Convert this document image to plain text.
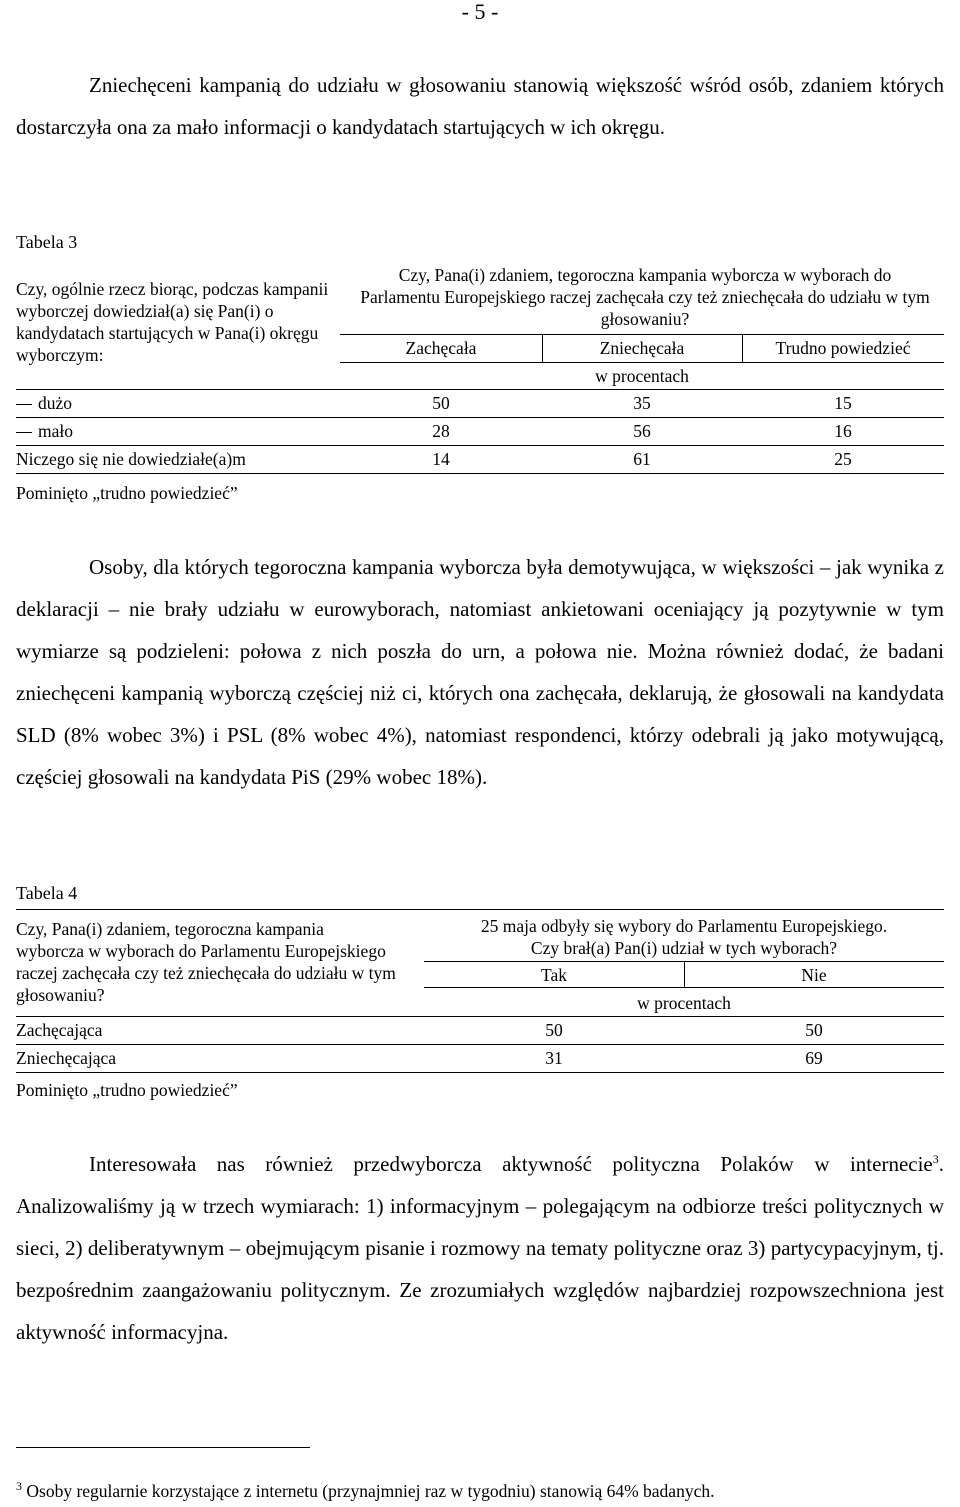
- 5 -

Zniechęceni kampanią do udziału w głosowaniu stanowią większość wśród osób, zdaniem których dostarczyła ona za mało informacji o kandydatach startujących w ich okręgu.

Tabela 3
Czy, ogólnie rzecz biorąc, podczas kampanii wyborczej dowiedział(a) się Pan(i) o kandydatach startujących w Pana(i) okręgu wyborczym:
Czy, Pana(i) zdaniem, tegoroczna kampania wyborcza w wyborach do Parlamentu Europejskiego raczej zachęcała czy też zniechęcała do udziału w tym głosowaniu?
Zachęcała	Zniechęcała	Trudno powiedzieć
w procentach
dużo	50	35	15
mało	28	56	16
Niczego się nie dowiedziałe(a)m	14	61	25
Pominięto „trudno powiedzieć”

Osoby, dla których tegoroczna kampania wyborcza była demotywująca, w większości – jak wynika z deklaracji – nie brały udziału w eurowyborach, natomiast ankietowani oceniający ją pozytywnie w tym wymiarze są podzieleni: połowa z nich poszła do urn, a połowa nie. Można również dodać, że badani zniechęceni kampanią wyborczą częściej niż ci, których ona zachęcała, deklarują, że głosowali na kandydata SLD (8% wobec 3%) i PSL (8% wobec 4%), natomiast respondenci, którzy odebrali ją jako motywującą, częściej głosowali na kandydata PiS (29% wobec 18%).

Tabela 4
Czy, Pana(i) zdaniem, tegoroczna kampania wyborcza w wyborach do Parlamentu Europejskiego raczej zachęcała czy też zniechęcała do udziału w tym głosowaniu?
25 maja odbyły się wybory do Parlamentu Europejskiego.
Czy brał(a) Pan(i) udział w tych wyborach?
Tak	Nie
w procentach
Zachęcająca	50	50
Zniechęcająca	31	69
Pominięto „trudno powiedzieć”

Interesowała nas również przedwyborcza aktywność polityczna Polaków w internecie$^3$. Analizowaliśmy ją w trzech wymiarach: 1) informacyjnym – polegającym na odbiorze treści politycznych w sieci, 2) deliberatywnym – obejmującym pisanie i rozmowy na tematy polityczne oraz 3) partycypacyjnym, tj. bezpośrednim zaangażowaniu politycznym. Ze zrozumiałych względów najbardziej rozpowszechniona jest aktywność informacyjna.

$^3$ Osoby regularnie korzystające z internetu (przynajmniej raz w tygodniu) stanowią 64% badanych.
